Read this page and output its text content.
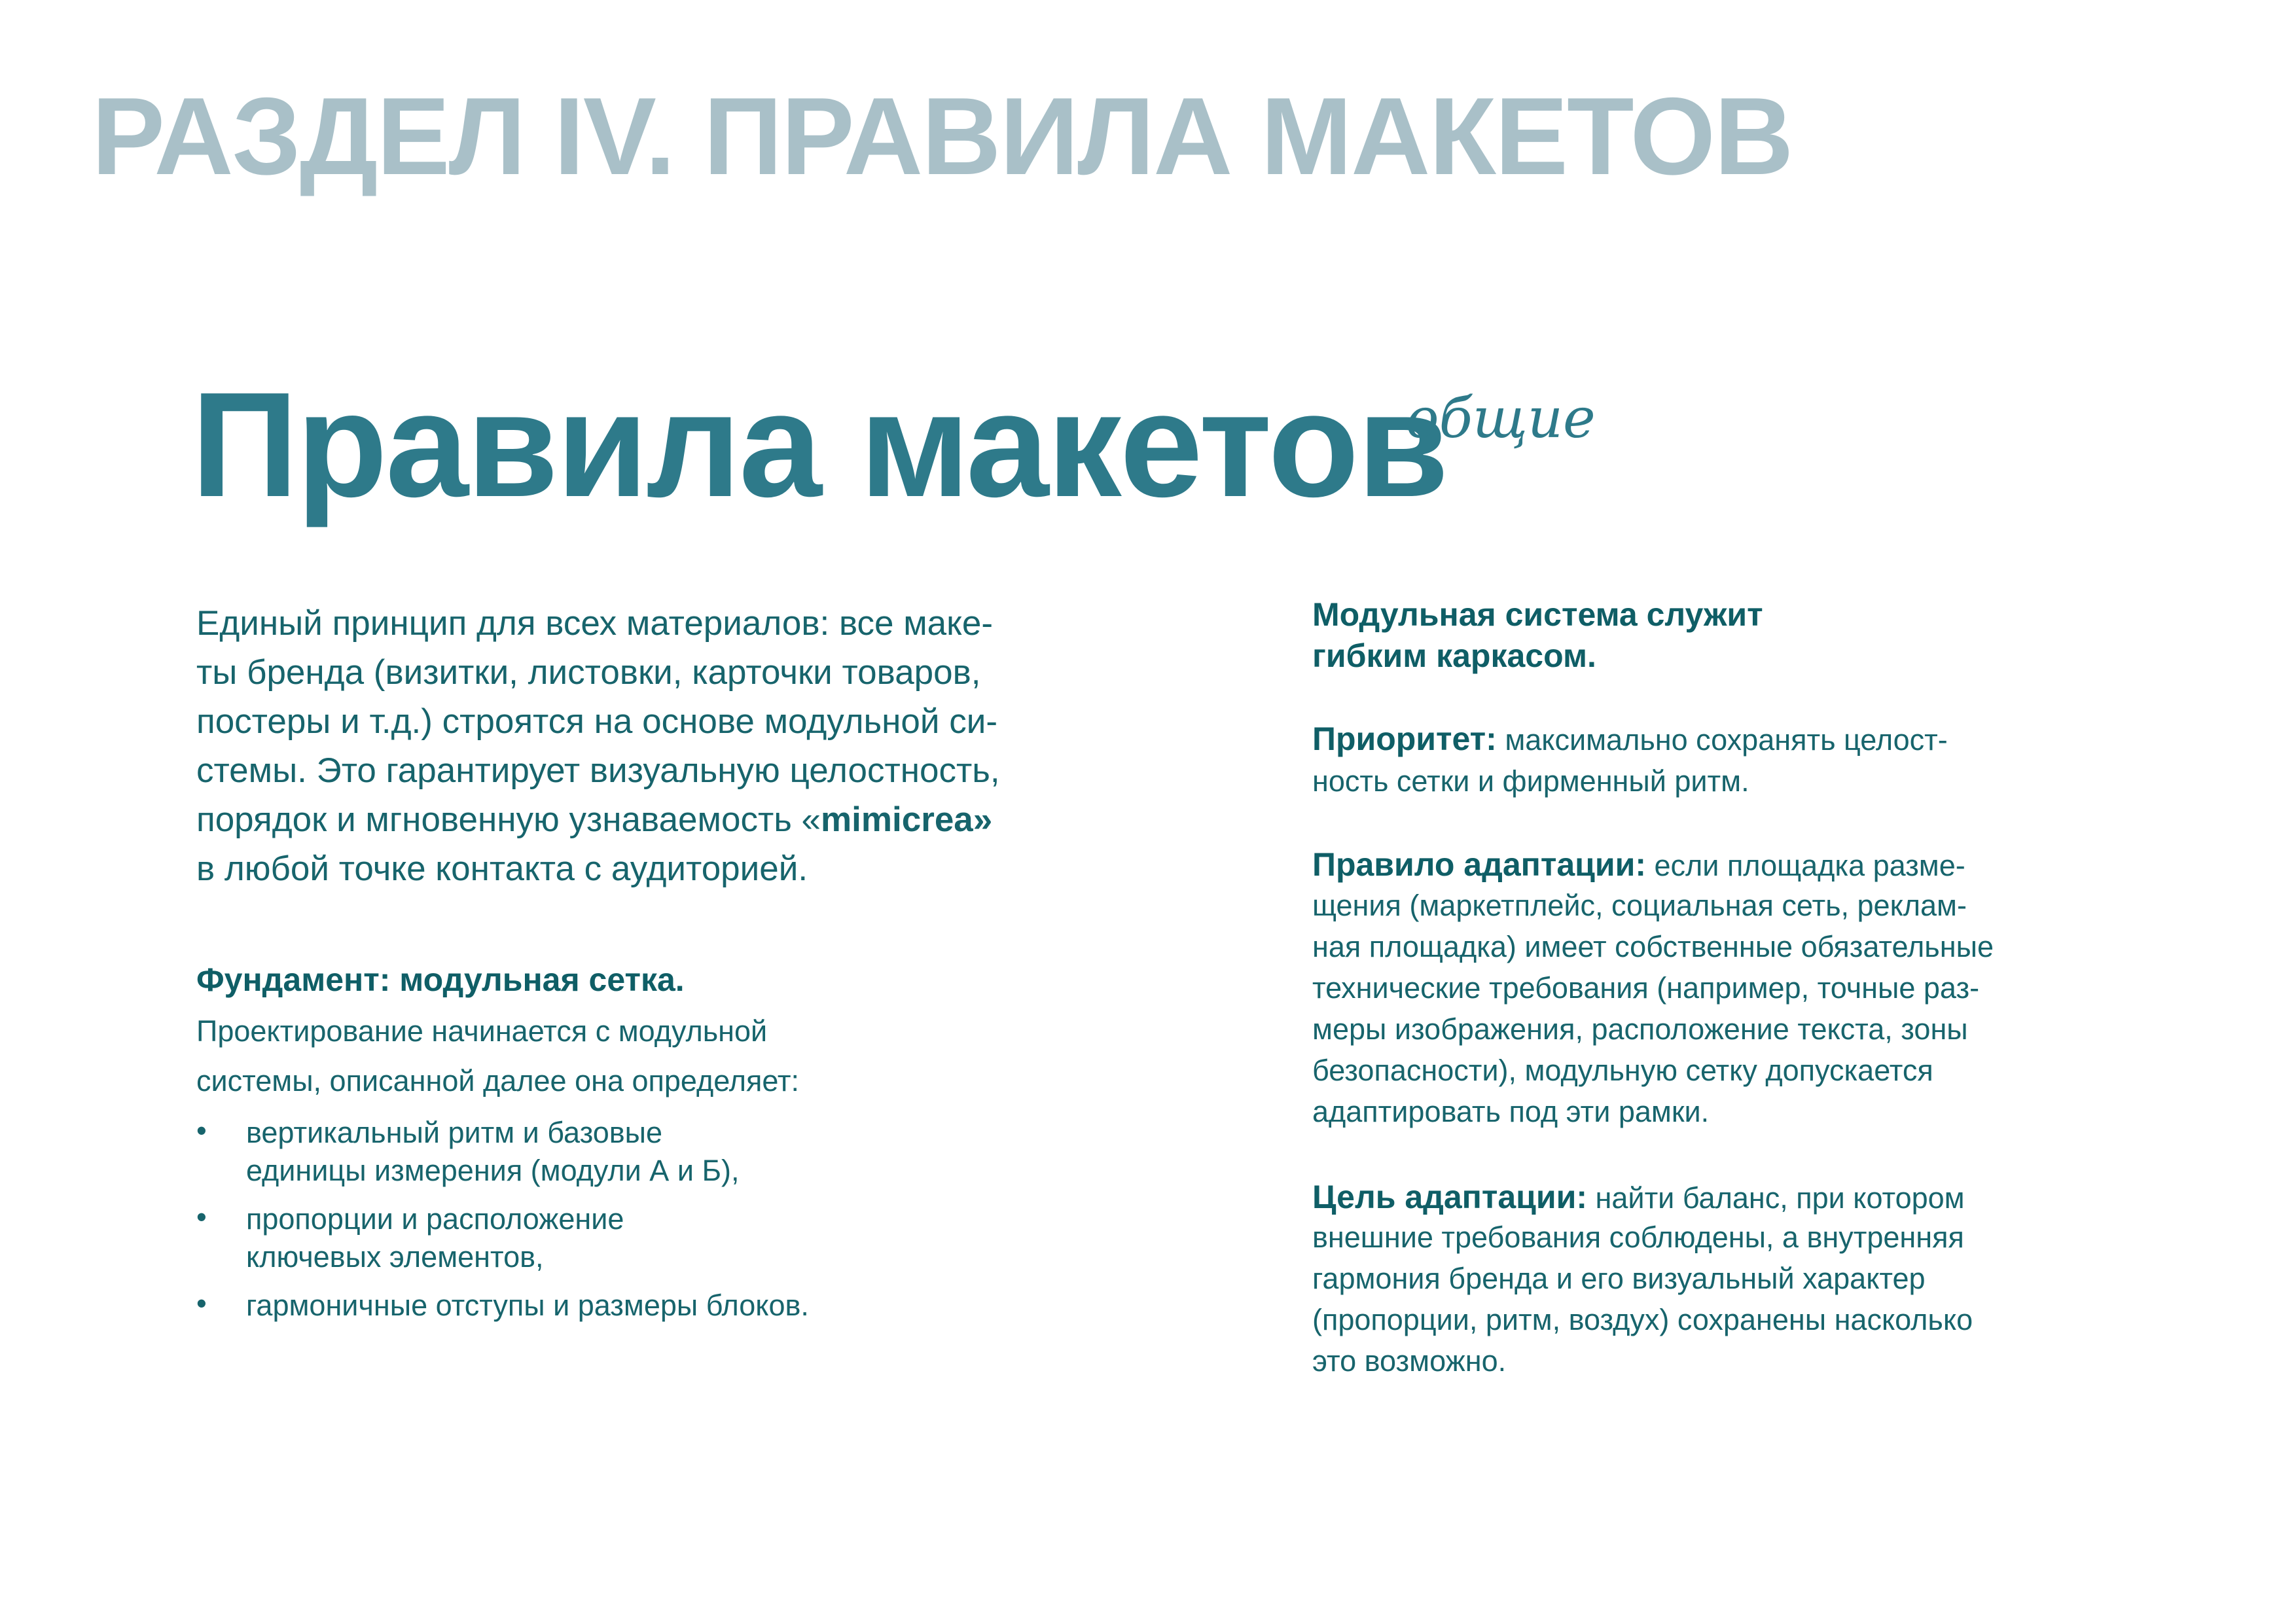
РАЗДЕЛ IV. ПРАВИЛА МАКЕТОВ
Правила макетов
общие
Единый принцип для всех материалов: все маке-
ты бренда (визитки, листовки, карточки товаров,
постеры и т.д.) строятся на основе модульной си-
стемы. Это гарантирует визуальную целостность,
порядок и мгновенную узнаваемость «mimicrea»
в любой точке контакта с аудиторией.
Фундамент: модульная сетка.
Проектирование начинается с модульной
системы, описанной далее она определяет:
• вертикальный ритм и базовые
единицы измерения (модули А и Б),
• пропорции и расположение
ключевых элементов,
• гармоничные отступы и размеры блоков.
Модульная система служит
гибким каркасом.
Приоритет: максимально сохранять целост-
ность сетки и фирменный ритм.
Правило адаптации: если площадка разме-
щения (маркетплейс, социальная сеть, реклам-
ная площадка) имеет собственные обязательные
технические требования (например, точные раз-
меры изображения, расположение текста, зоны
безопасности), модульную сетку допускается
адаптировать под эти рамки.
Цель адаптации: найти баланс, при котором
внешние требования соблюдены, а внутренняя
гармония бренда и его визуальный характер
(пропорции, ритм, воздух) сохранены насколько
это возможно.
